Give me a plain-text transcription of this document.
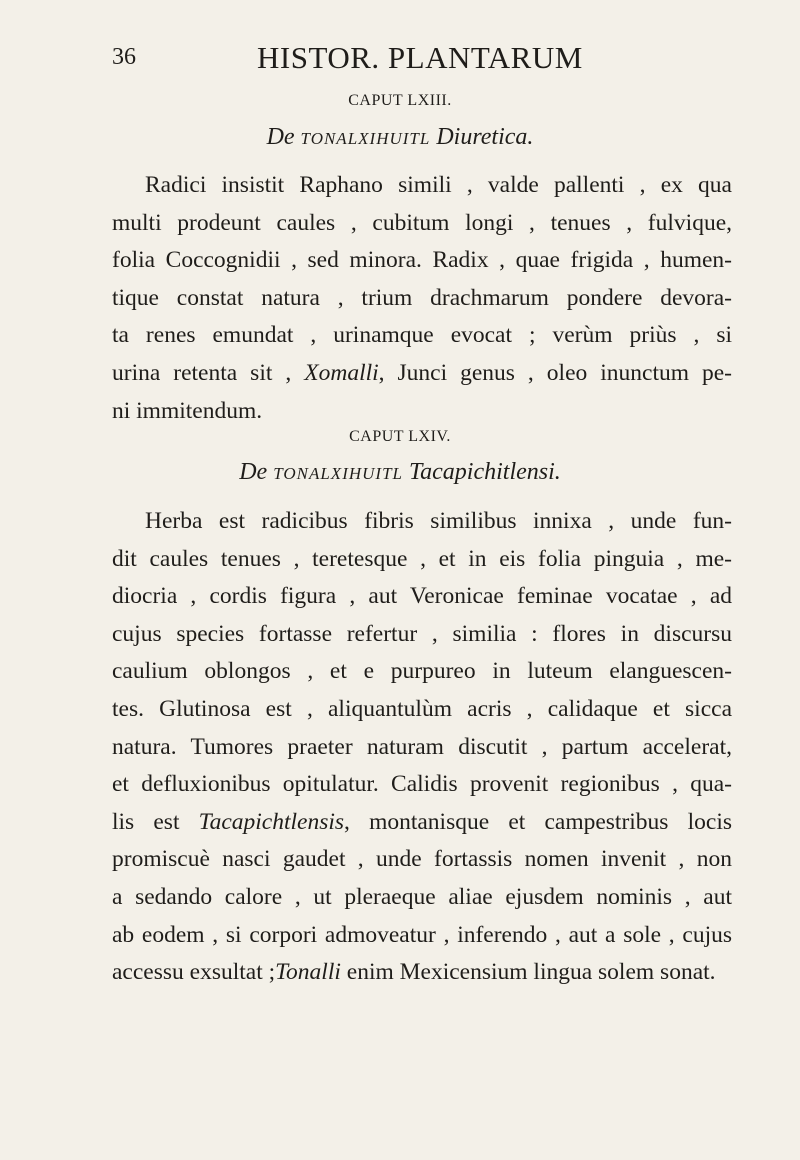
36	HISTOR. PLANTARUM
CAPUT LXIII.
De TONALXIHUITL Diuretica.
Radici insistit Raphano simili , valde pallenti , ex qua
multi prodeunt caules , cubitum longi , tenues , fulvique,
folia Coccognidii , sed minora. Radix , quae frigida , humen-
tique constat natura , trium drachmarum pondere devora-
ta renes emundat , urinamque evocat ; verùm priùs , si
urina retenta sit , Xomalli, Junci genus , oleo inunctum pe-
ni immitendum.
CAPUT LXIV.
De TONALXIHUITL Tacapichitlensi.
Herba est radicibus fibris similibus innixa , unde fun-
dit caules tenues , teretesque , et in eis folia pinguia , me-
diocria , cordis figura , aut Veronicae feminae vocatae , ad
cujus species fortasse refertur , similia : flores in discursu
caulium oblongos , et e purpureo in luteum elanguescen-
tes. Glutinosa est , aliquantulùm acris , calidaque et sicca
natura. Tumores praeter naturam discutit , partum accelerat,
et defluxionibus opitulatur. Calidis provenit regionibus , qua-
lis est Tacapichtlensis, montanisque et campestribus locis
promiscuè nasci gaudet , unde fortassis nomen invenit , non
a sedando calore , ut pleraeque aliae ejusdem nominis , aut
ab eodem , si corpori admoveatur , inferendo , aut a sole , cujus
accessu exsultat ;Tonalli enim Mexicensium lingua solem sonat.
